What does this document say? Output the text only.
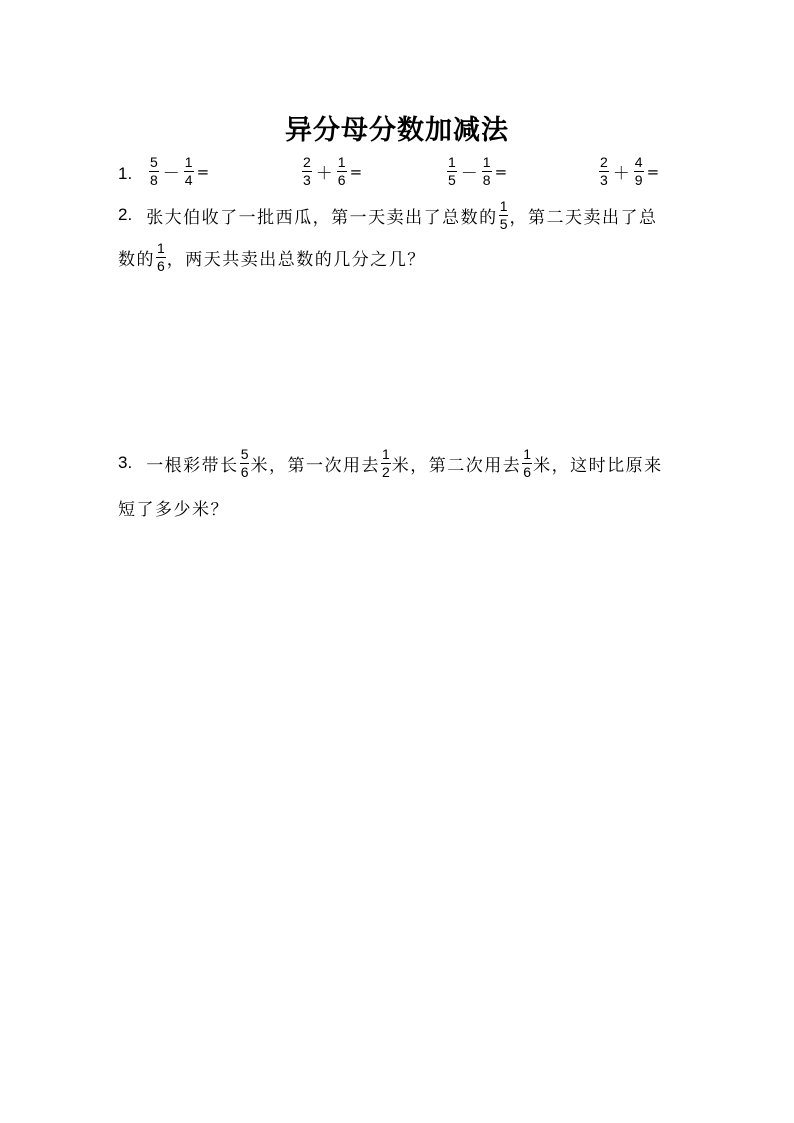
异分母分数加减法
1. $\frac{5}{8} - \frac{1}{4}$ =	$\frac{2}{3} + \frac{1}{6}$ =	$\frac{1}{5} - \frac{1}{8}$ =	$\frac{2}{3} + \frac{4}{9}$ =
2. 张大伯收了一批西瓜，第一天卖出了总数的 $\frac{1}{5}$ ，第二天卖出了总
数的 $\frac{1}{6}$ ，两天共卖出总数的几分之几？
3. 一根彩带长 $\frac{5}{6}$ 米，第一次用去 $\frac{1}{2}$ 米，第二次用去 $\frac{1}{6}$ 米，这时比原来
短了多少米？
